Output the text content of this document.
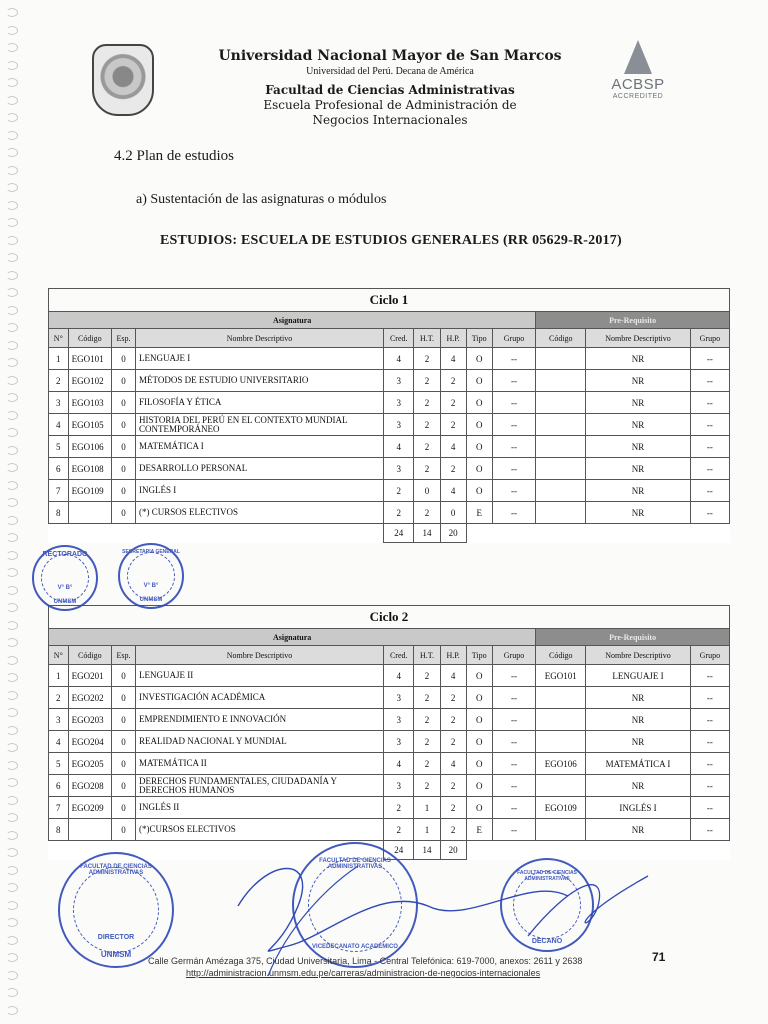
Universidad Nacional Mayor de San Marcos
Universidad del Perú. Decana de América
Facultad de Ciencias Administrativas
Escuela Profesional de Administración de
Negocios Internacionales
ACBSP
ACCREDITED
4.2 Plan de estudios
a) Sustentación de las asignaturas o módulos
ESTUDIOS: ESCUELA DE ESTUDIOS GENERALES (RR 05629-R-2017)
Ciclo 1											
Asignatura									Pre-Requisito		
N°	Código	Esp.	Nombre Descriptivo	Cred.	H.T.	H.P.	Tipo	Grupo	Código	Nombre Descriptivo	Grupo
1	EGO101	0	LENGUAJE I	4	2	4	O	--		NR	--
2	EGO102	0	MÉTODOS DE ESTUDIO UNIVERSITARIO	3	2	2	O	--		NR	--
3	EGO103	0	FILOSOFÍA Y ÉTICA	3	2	2	O	--		NR	--
4	EGO105	0	HISTORIA DEL PERÚ EN EL CONTEXTO MUNDIAL CONTEMPORÁNEO	3	2	2	O	--		NR	--
5	EGO106	0	MATEMÁTICA I	4	2	4	O	--		NR	--
6	EGO108	0	DESARROLLO PERSONAL	3	2	2	O	--		NR	--
7	EGO109	0	INGLÉS I	2	0	4	O	--		NR	--
8		0	(*) CURSOS ELECTIVOS	2	2	0	E	--		NR	--
				24	14	20					
Ciclo 2											
Asignatura									Pre-Requisito		
N°	Código	Esp.	Nombre Descriptivo	Cred.	H.T.	H.P.	Tipo	Grupo	Código	Nombre Descriptivo	Grupo
1	EGO201	0	LENGUAJE II	4	2	4	O	--	EGO101	LENGUAJE I	--
2	EGO202	0	INVESTIGACIÓN ACADÉMICA	3	2	2	O	--		NR	--
3	EGO203	0	EMPRENDIMIENTO E INNOVACIÓN	3	2	2	O	--		NR	--
4	EGO204	0	REALIDAD NACIONAL Y MUNDIAL	3	2	2	O	--		NR	--
5	EGO205	0	MATEMÁTICA II	4	2	4	O	--	EGO106	MATEMÁTICA I	--
6	EGO208	0	DERECHOS FUNDAMENTALES, CIUDADANÍA Y DERECHOS HUMANOS	3	2	2	O	--		NR	--
7	EGO209	0	INGLÉS II	2	1	2	O	--	EGO109	INGLÉS I	--
8		0	(*)CURSOS ELECTIVOS	2	1	2	E	--		NR	--
				24	14	20					
RECTORADO
V° B°
UNMSM
SECRETARIA GENERAL
V° B°
UNMSM
FACULTAD DE CIENCIAS ADMINISTRATIVAS
DIRECTOR
UNMSM
FACULTAD DE CIENCIAS ADMINISTRATIVAS
VICEDECANATO ACADÉMICO
FACULTAD DE CIENCIAS ADMINISTRATIVAS
DECANO
Calle Germán Amézaga 375, Ciudad Universitaria, Lima - Central Telefónica: 619-7000, anexos: 2611 y 2638
http://administracion.unmsm.edu.pe/carreras/administracion-de-negocios-internacionales
71
